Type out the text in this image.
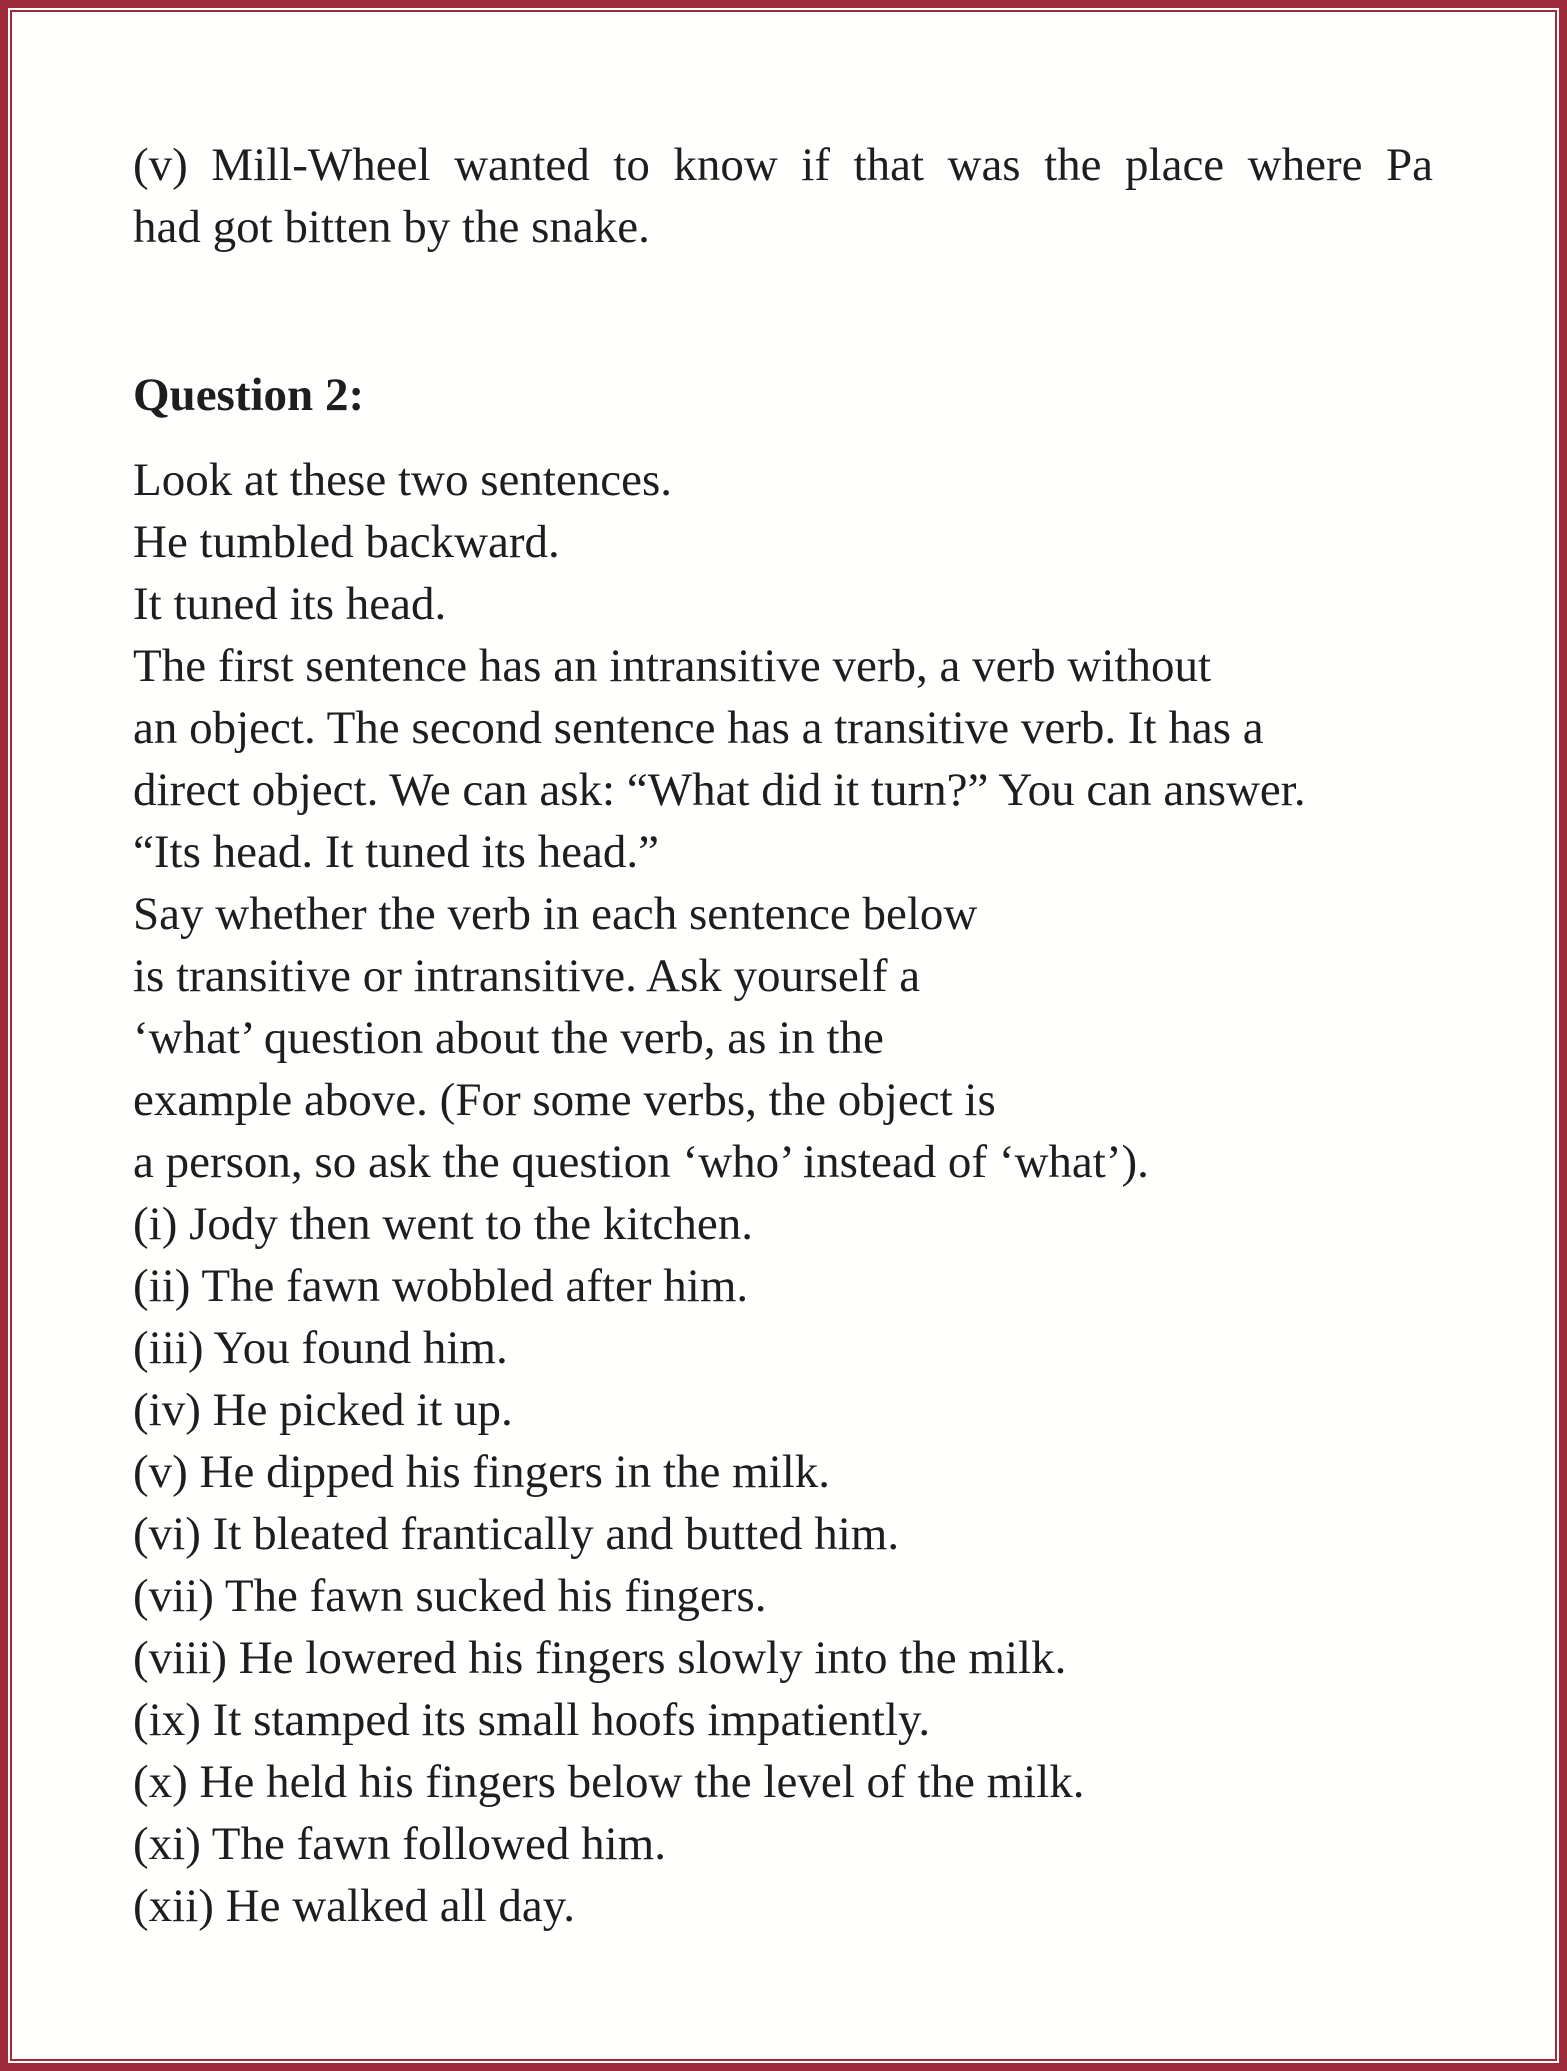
(v) Mill-Wheel wanted to know if that was the place where Pa
had got bitten by the snake.
Question 2:
Look at these two sentences.
He tumbled backward.
It tuned its head.
The first sentence has an intransitive verb, a verb without
an object. The second sentence has a transitive verb. It has a
direct object. We can ask: “What did it turn?” You can answer.
“Its head. It tuned its head.”
Say whether the verb in each sentence below
is transitive or intransitive. Ask yourself a
‘what’ question about the verb, as in the
example above. (For some verbs, the object is
a person, so ask the question ‘who’ instead of ‘what’).
(i) Jody then went to the kitchen.
(ii) The fawn wobbled after him.
(iii) You found him.
(iv) He picked it up.
(v) He dipped his fingers in the milk.
(vi) It bleated frantically and butted him.
(vii) The fawn sucked his fingers.
(viii) He lowered his fingers slowly into the milk.
(ix) It stamped its small hoofs impatiently.
(x) He held his fingers below the level of the milk.
(xi) The fawn followed him.
(xii) He walked all day.
